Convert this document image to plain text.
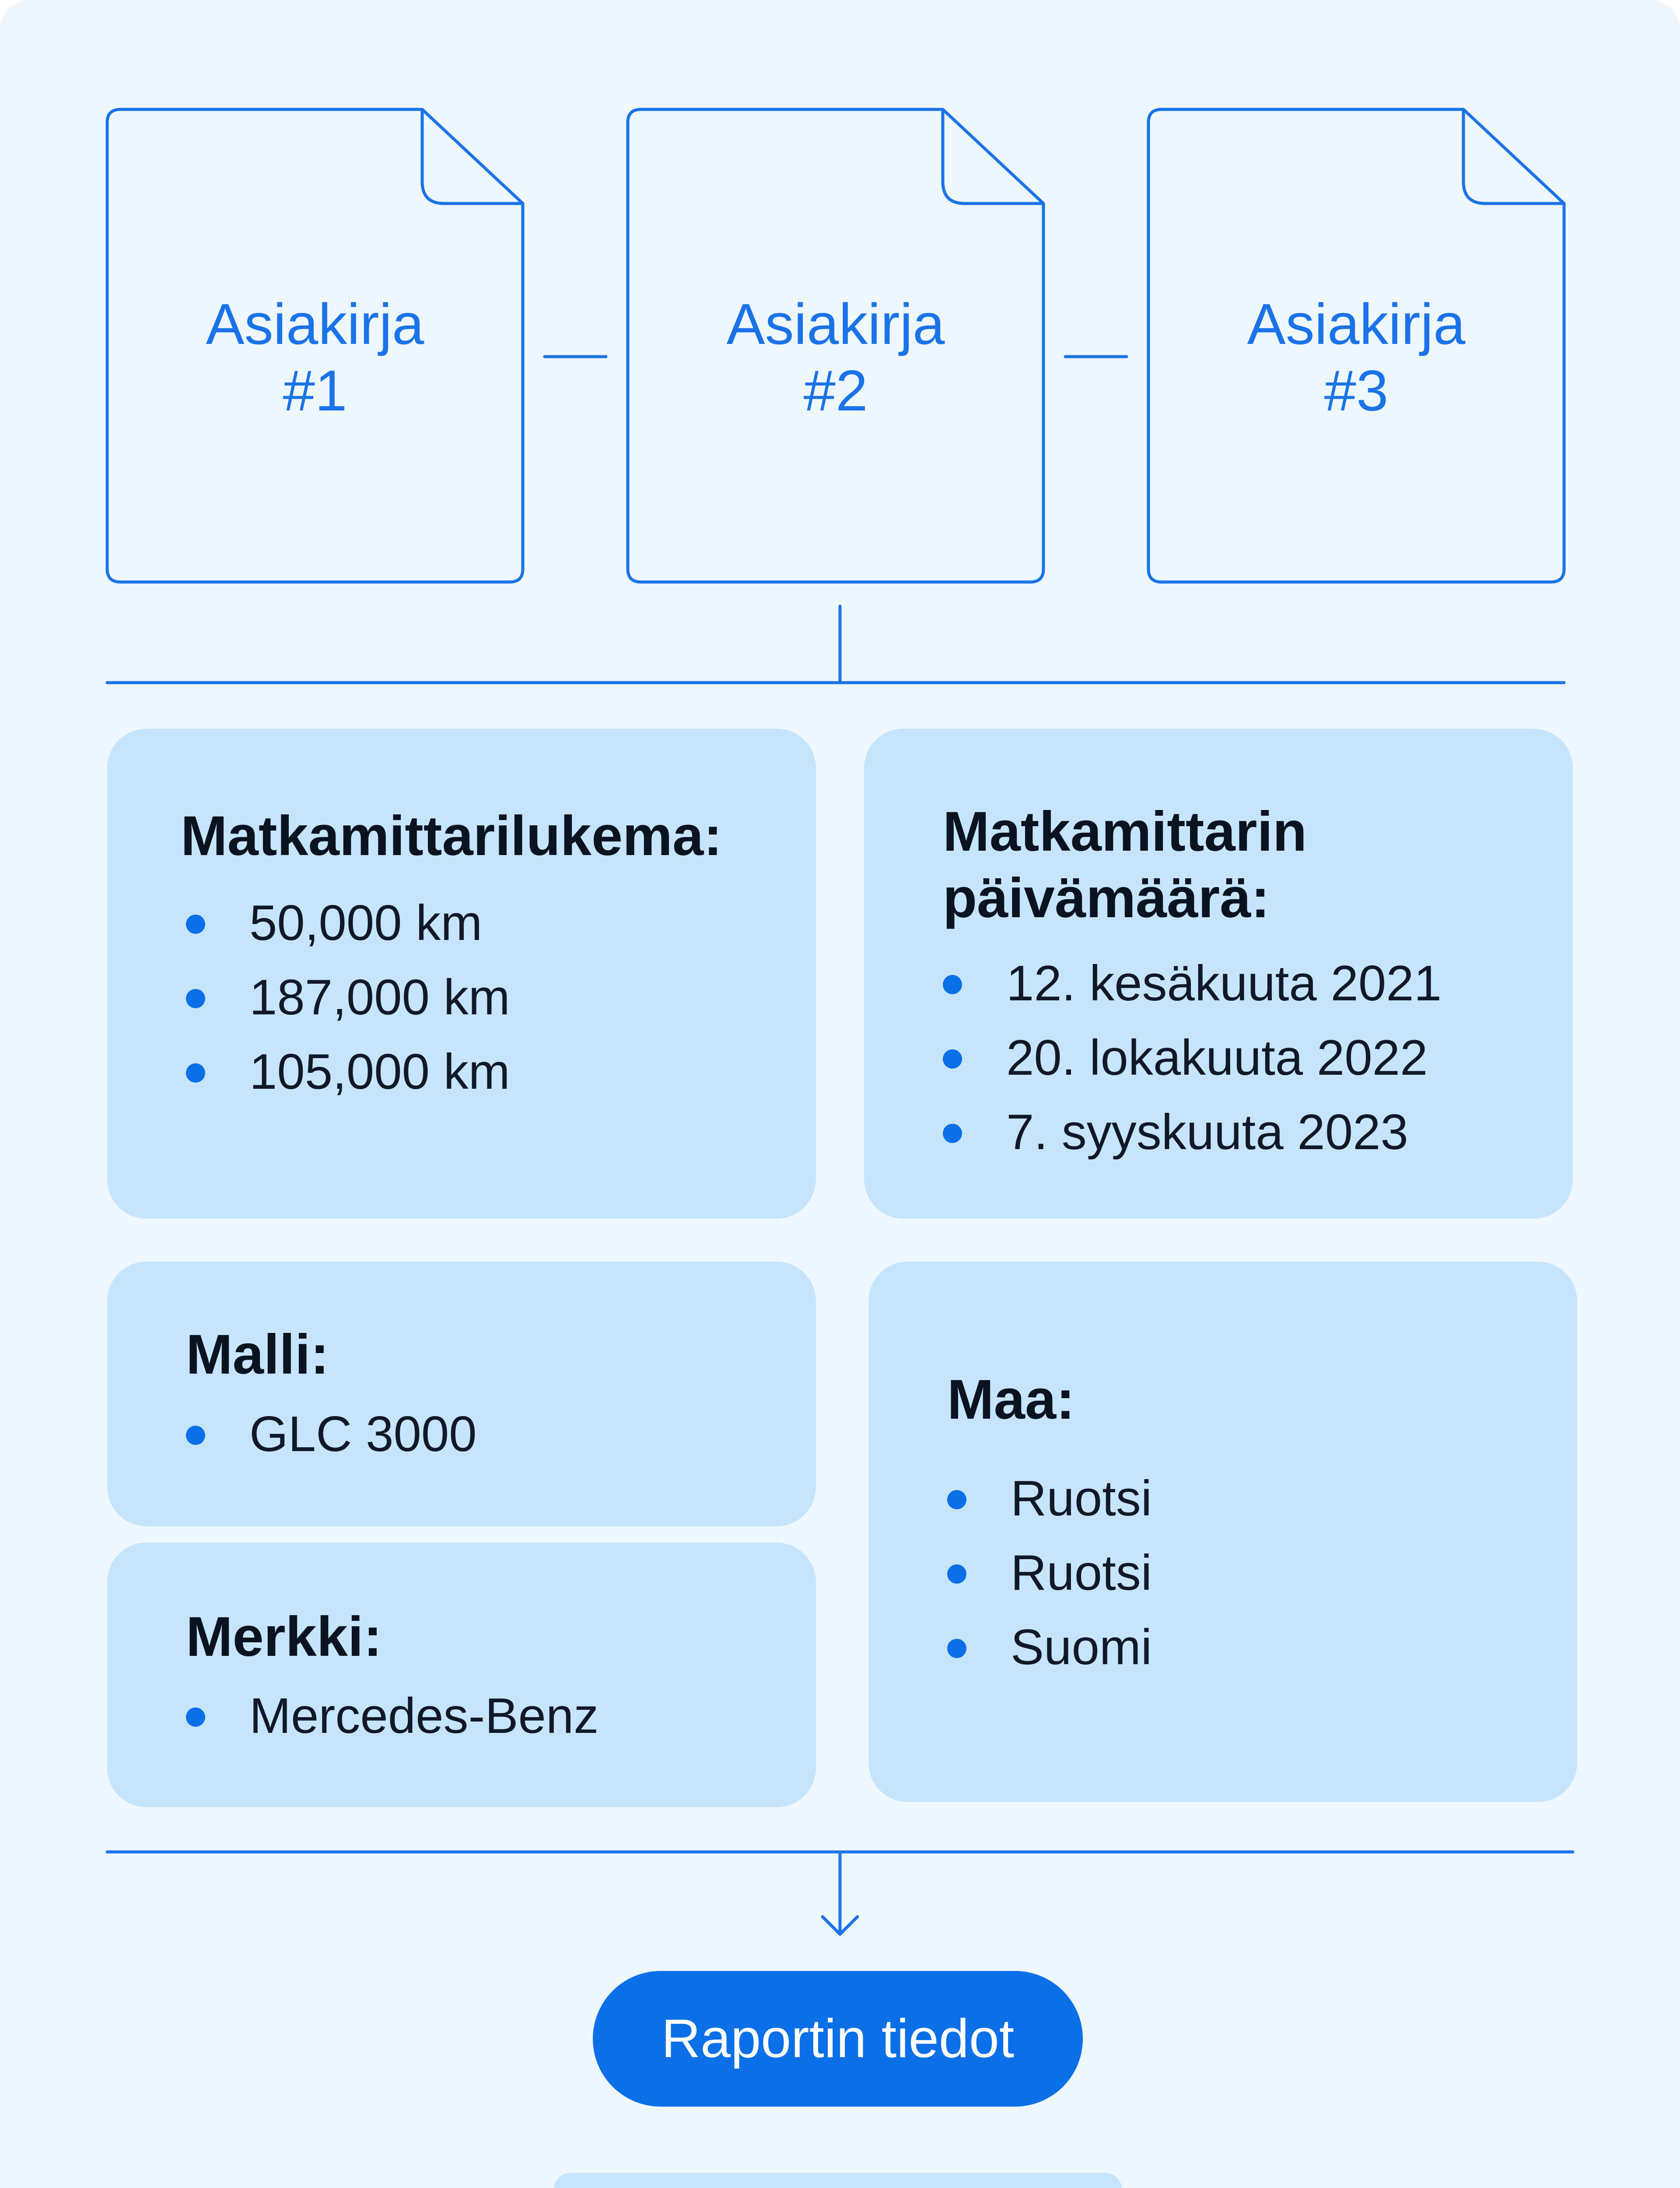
Asiakirja
#1
Asiakirja
#2
Asiakirja
#3
Matkamittarilukema:
50,000 km
187,000 km
105,000 km
Matkamittarin
päivämäärä:
12. kesäkuuta 2021
20. lokakuuta 2022
7. syyskuuta 2023
Malli:
GLC 3000
Merkki:
Mercedes-Benz
Maa:
Ruotsi
Ruotsi
Suomi
Raportin tiedot
